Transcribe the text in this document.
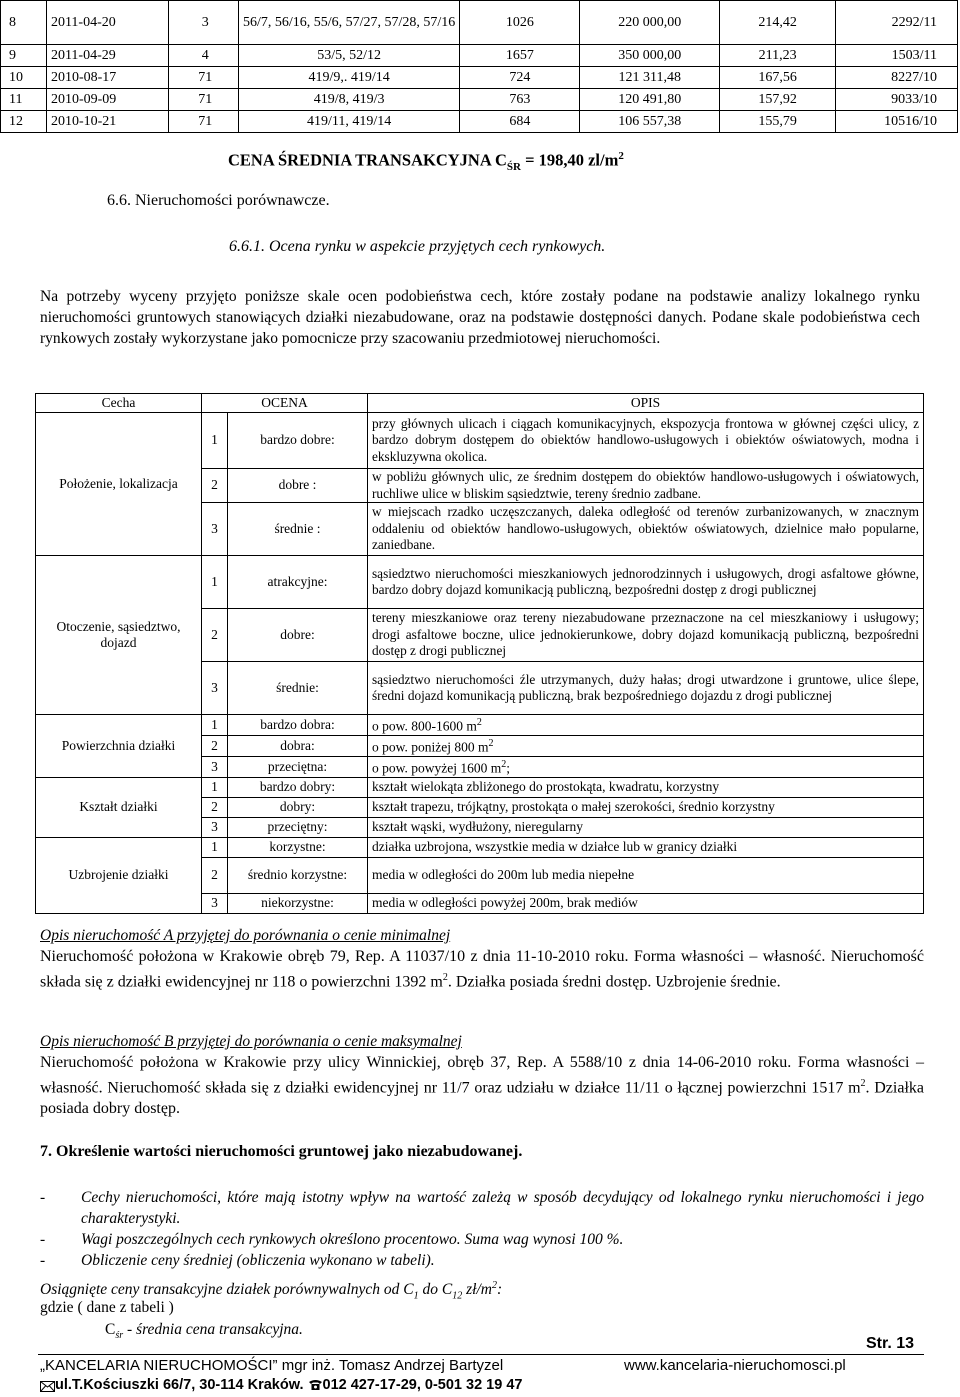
8	2011-04-20	3	56/7, 56/16, 55/6, 57/27, 57/28, 57/16	1026	220 000,00	214,42	2292/11
9	2011-04-29	4	53/5, 52/12	1657	350 000,00	211,23	1503/11
10	2010-08-17	71	419/9,. 419/14	724	121 311,48	167,56	8227/10
11	2010-09-09	71	419/8, 419/3	763	120 491,80	157,92	9033/10
12	2010-10-21	71	419/11, 419/14	684	106 557,38	155,79	10516/10
CENA ŚREDNIA TRANSAKCYJNA $C_{ŚR} = 198,40$ $zl/m^2$
6.6. Nieruchomości porównawcze.
6.6.1. Ocena rynku w aspekcie przyjętych cech rynkowych.
Na potrzeby wyceny przyjęto poniższe skale ocen podobieństwa cech, które zostały podane na podstawie analizy lokalnego rynku nieruchomości gruntowych stanowiących działki niezabudowane, oraz na podstawie dostępności danych. Podane skale podobieństwa cech rynkowych zostały wykorzystane jako pomocnicze przy szacowaniu przedmiotowej nieruchomości.
Cecha	OCENA		OPIS
Położenie, lokalizacja	1	bardzo dobre:	przy głównych ulicach i ciągach komunikacyjnych, ekspozycja frontowa w głównej części ulicy, z bardzo dobrym dostępem do obiektów handlowo-usługowych i obiektów oświatowych, modna i ekskluzywna okolica.
	2	dobre :	w pobliżu głównych ulic, ze średnim dostępem do obiektów handlowo-usługowych i oświatowych, ruchliwe ulice w bliskim sąsiedztwie, tereny średnio zadbane.
	3	średnie :	w miejscach rzadko uczęszczanych, daleka odległość od terenów zurbanizowanych, w znacznym oddaleniu od obiektów handlowo-usługowych, obiektów oświatowych, dzielnice mało popularne, zaniedbane.
Otoczenie, sąsiedztwo, dojazd	1	atrakcyjne:	sąsiedztwo nieruchomości mieszkaniowych jednorodzinnych i usługowych, drogi asfaltowe główne, bardzo dobry dojazd komunikacją publiczną, bezpośredni dostęp z drogi publicznej
	2	dobre:	tereny mieszkaniowe oraz tereny niezabudowane przeznaczone na cel mieszkaniowy i usługowy; drogi asfaltowe boczne, ulice jednokierunkowe, dobry dojazd komunikacją publiczną, bezpośredni dostęp z drogi publicznej
	3	średnie:	sąsiedztwo nieruchomości źle utrzymanych, duży hałas; drogi utwardzone i gruntowe, ulice ślepe, średni dojazd komunikacją publiczną, brak bezpośredniego dojazdu z drogi publicznej
Powierzchnia działki	1	bardzo dobra:	o pow. 800-1600 $m^2$
	2	dobra:	o pow. poniżej 800 $m^2$
	3	przeciętna:	o pow. powyżej 1600 $m^2$;
Kształt działki	1	bardzo dobry:	kształt wielokąta zbliżonego do prostokąta, kwadratu, korzystny
	2	dobry:	kształt trapezu, trójkątny, prostokąta o małej szerokości, średnio korzystny
	3	przeciętny:	kształt wąski, wydłużony, nieregularny
Uzbrojenie działki	1	korzystne:	działka uzbrojona, wszystkie media w działce lub w granicy działki
	2	średnio korzystne:	media w odległości do 200m lub media niepełne
	3	niekorzystne:	media w odległości powyżej 200m, brak mediów
Opis nieruchomość A przyjętej do porównania o cenie minimalnej
Nieruchomość położona w Krakowie obręb 79, Rep. A 11037/10 z dnia 11-10-2010 roku. Forma własności – własność. Nieruchomość składa się z działki ewidencyjnej nr 118 o powierzchni 1392 $m^2$. Działka posiada średni dostęp. Uzbrojenie średnie.
Opis nieruchomość B przyjętej do porównania o cenie maksymalnej
Nieruchomość położona w Krakowie przy ulicy Winnickiej, obręb 37, Rep. A 5588/10 z dnia 14-06-2010 roku. Forma własności – własność. Nieruchomość składa się z działki ewidencyjnej nr 11/7 oraz udziału w działce 11/11 o łącznej powierzchni 1517 $m^2$. Działka posiada dobry dostęp.
7. Określenie wartości nieruchomości gruntowej jako niezabudowanej.
-	Cechy nieruchomości, które mają istotny wpływ na wartość zależą w sposób decydujący od lokalnego rynku nieruchomości i jego charakterystyki.
-	Wagi poszczególnych cech rynkowych określono procentowo. Suma wag wynosi 100 %.
-	Obliczenie ceny średniej (obliczenia wykonano w tabeli).
Osiągnięte ceny transakcyjne działek porównywalnych od $C_1$ do $C_{12}$ $zł/m^2$:
gdzie ( dane z tabeli )
$C_{śr}$ - średnia cena transakcyjna.
Str. 13
„KANCELARIA NIERUCHOMOŚCI” mgr inż. Tomasz Andrzej Bartyzel	www.kancelaria-nieruchomosci.pl
ul.T.Kościuszki 66/7, 30-114 Kraków. 012 427-17-29, 0-501 32 19 47
